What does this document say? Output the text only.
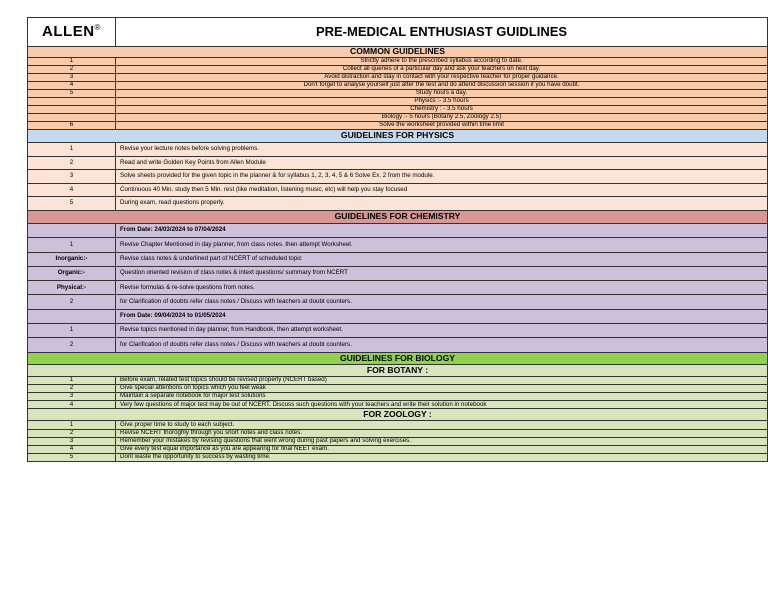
ALLEN®	PRE-MEDICAL ENTHUSIAST GUIDLINES
COMMON GUIDELINES	
1	Strictly adhere to the prescribed syllabus according to date.
2	Collect all queries of a particular day and ask your teachers on next day.
3	Avoid distraction and stay in contact with your respective teacher for proper guidance.
4	Don't forget to analyse yourself just after the test and do attend discussion session if you have doubt.
5	Study hours a day.
	Physics :- 3.5 hours
	Chemistry : - 3.5 hours
	Biology :- 5 hours (Botany 2.5, Zoology 2.5)
6	Solve the worksheet provided within time limit
GUIDELINES FOR PHYSICS	
1	Revise your lecture notes before solving problems.
2	Read and write Golden Key Points from Allen Module
3	Solve sheets provided for the given topic in the planner & for syllabus 1, 2, 3, 4, 5 & 6 Solve Ex. 2 from the module.
4	Continuous 40 Min. study then 5 Min. rest (like meditation, listening music, etc) will help you stay focused
5	During exam, read questions properly.
GUIDELINES FOR CHEMISTRY	
	From Date: 24/03/2024 to 07/04/2024
1	Revise Chapter Mentioned in day planner, from class notes. then attempt Worksheet.
Inorganic:-	Revise class notes & underlined part of NCERT of scheduled topic
Organic:-	Question oriented revision of class notes & intext questions/ summary from NCERT
Physical:-	Revise formulas & re-solve questions from notes.
2	for Clarification of doubts refer class notes / Discuss with teachers at doubt counters.
	From Date: 09/04/2024 to 01/05/2024
1	Revise topics mentioned in day planner, from Handbook, then attempt worksheet.
2	for Clarification of doubts refer class notes / Discuss with teachers at doubt counters.
GUIDELINES FOR BIOLOGY	
FOR BOTANY :	
1	Before exam, related test topics should be revised properly (NCERT based)
2	Give special attentions on topics which you feel weak
3	Maintain a separate notebook for major test solutions
4	Very few questions of major test may be out of NCERT. Discuss such questions with your teachers and write their solution in notebook
FOR ZOOLOGY :	
1	Give proper time to study to each subject.
2	Revise NCERT thoroghly through you short notes and class notes.
3	Remember your mistakes by revising questions that went wrong during past papers and solving exercises.
4	Give every test equal importance as you are appearing for final NEET exam.
5	Dont waste the opportunity to success by wasting time.
